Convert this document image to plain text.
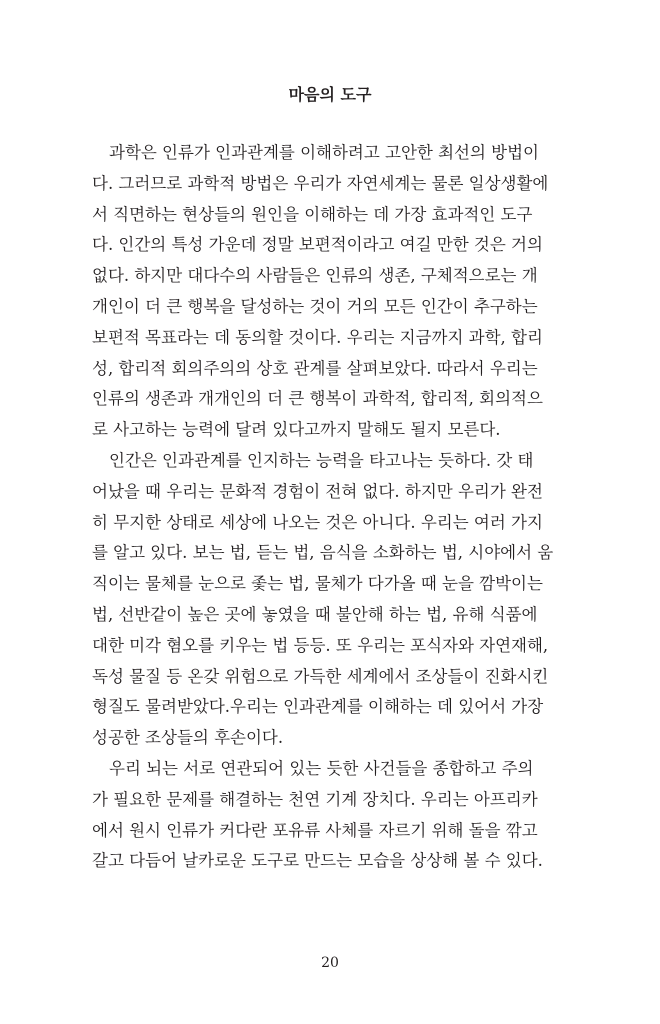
마음의 도구
과학은 인류가 인과관계를 이해하려고 고안한 최선의 방법이
다. 그러므로 과학적 방법은 우리가 자연세계는 물론 일상생활에
서 직면하는 현상들의 원인을 이해하는 데 가장 효과적인 도구
다. 인간의 특성 가운데 정말 보편적이라고 여길 만한 것은 거의
없다. 하지만 대다수의 사람들은 인류의 생존, 구체적으로는 개
개인이 더 큰 행복을 달성하는 것이 거의 모든 인간이 추구하는
보편적 목표라는 데 동의할 것이다. 우리는 지금까지 과학, 합리
성, 합리적 회의주의의 상호 관계를 살펴보았다. 따라서 우리는
인류의 생존과 개개인의 더 큰 행복이 과학적, 합리적, 회의적으
로 사고하는 능력에 달려 있다고까지 말해도 될지 모른다.
인간은 인과관계를 인지하는 능력을 타고나는 듯하다. 갓 태
어났을 때 우리는 문화적 경험이 전혀 없다. 하지만 우리가 완전
히 무지한 상태로 세상에 나오는 것은 아니다. 우리는 여러 가지
를 알고 있다. 보는 법, 듣는 법, 음식을 소화하는 법, 시야에서 움
직이는 물체를 눈으로 좇는 법, 물체가 다가올 때 눈을 깜박이는
법, 선반같이 높은 곳에 놓였을 때 불안해 하는 법, 유해 식품에
대한 미각 혐오를 키우는 법 등등. 또 우리는 포식자와 자연재해,
독성 물질 등 온갖 위험으로 가득한 세계에서 조상들이 진화시킨
형질도 물려받았다.우리는 인과관계를 이해하는 데 있어서 가장
성공한 조상들의 후손이다.
우리 뇌는 서로 연관되어 있는 듯한 사건들을 종합하고 주의
가 필요한 문제를 해결하는 천연 기계 장치다. 우리는 아프리카
에서 원시 인류가 커다란 포유류 사체를 자르기 위해 돌을 깎고
갈고 다듬어 날카로운 도구로 만드는 모습을 상상해 볼 수 있다.
20
